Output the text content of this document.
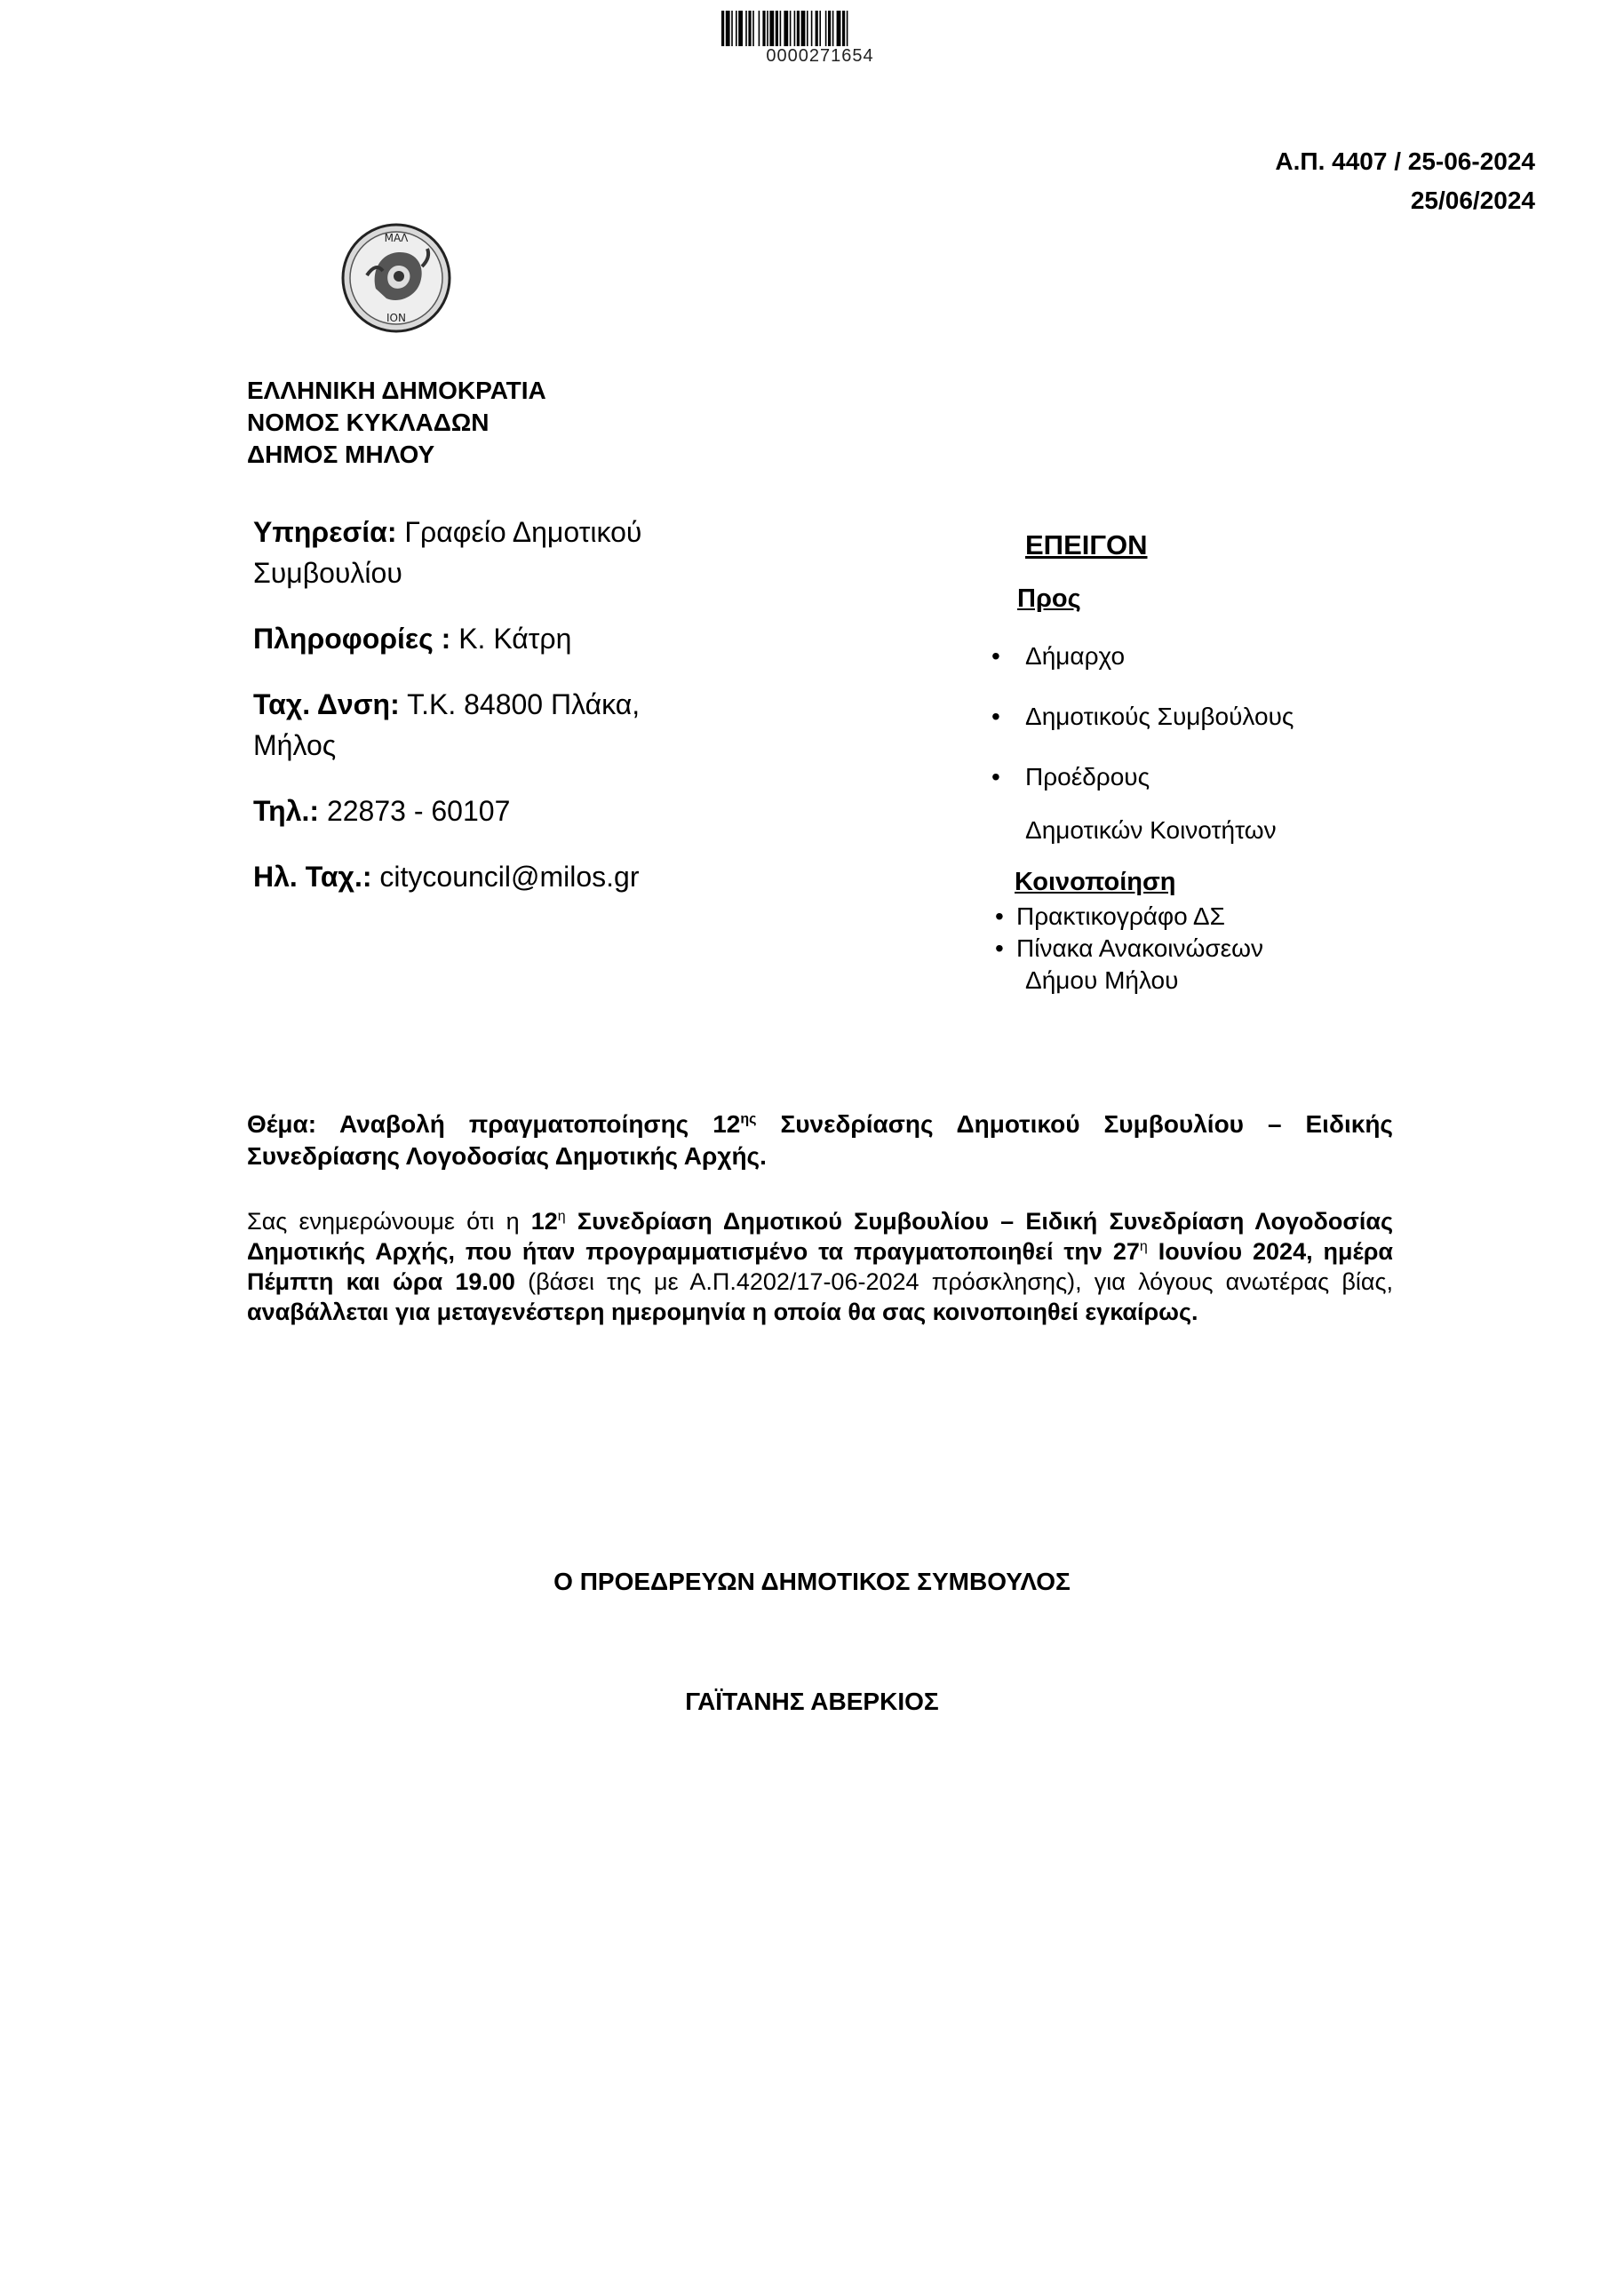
0000271654
Α.Π. 4407 / 25-06-2024
25/06/2024
ΜΑΛ
ΙΟΝ
ΕΛΛΗΝΙΚΗ ΔΗΜΟΚΡΑΤΙΑ
ΝΟΜΟΣ ΚΥΚΛΑΔΩΝ
ΔΗΜΟΣ ΜΗΛΟΥ
Υπηρεσία: Γραφείο Δημοτικού Συμβουλίου
Πληροφορίες : Κ. Κάτρη
Ταχ. Δνση: Τ.Κ. 84800 Πλάκα, Μήλος
Τηλ.: 22873 - 60107
Ηλ. Ταχ.: citycouncil@milos.gr
ΕΠΕΙΓΟΝ
Προς
• Δήμαρχο
• Δημοτικούς Συμβούλους
• Προέδρους
Δημοτικών Κοινοτήτων
Κοινοποίηση
• Πρακτικογράφο ΔΣ
• Πίνακα Ανακοινώσεων
Δήμου Μήλου
Θέμα: Αναβολή πραγματοποίησης $12^{\eta\varsigma}$ Συνεδρίασης Δημοτικού Συμβουλίου – Ειδικής Συνεδρίασης Λογοδοσίας Δημοτικής Αρχής.
Σας ενημερώνουμε ότι η $12^\eta$ Συνεδρίαση Δημοτικού Συμβουλίου – Ειδική Συνεδρίαση Λογοδοσίας Δημοτικής Αρχής, που ήταν προγραμματισμένο τα πραγματοποιηθεί την $27^\eta$ Ιουνίου 2024, ημέρα Πέμπτη και ώρα 19.00 (βάσει της με Α.Π.4202/17-06-2024 πρόσκλησης), για λόγους ανωτέρας βίας, αναβάλλεται για μεταγενέστερη ημερομηνία η οποία θα σας κοινοποιηθεί εγκαίρως.
Ο ΠΡΟΕΔΡΕΥΩΝ ΔΗΜΟΤΙΚΟΣ ΣΥΜΒΟΥΛΟΣ
ΓΑΪΤΑΝΗΣ ΑΒΕΡΚΙΟΣ
